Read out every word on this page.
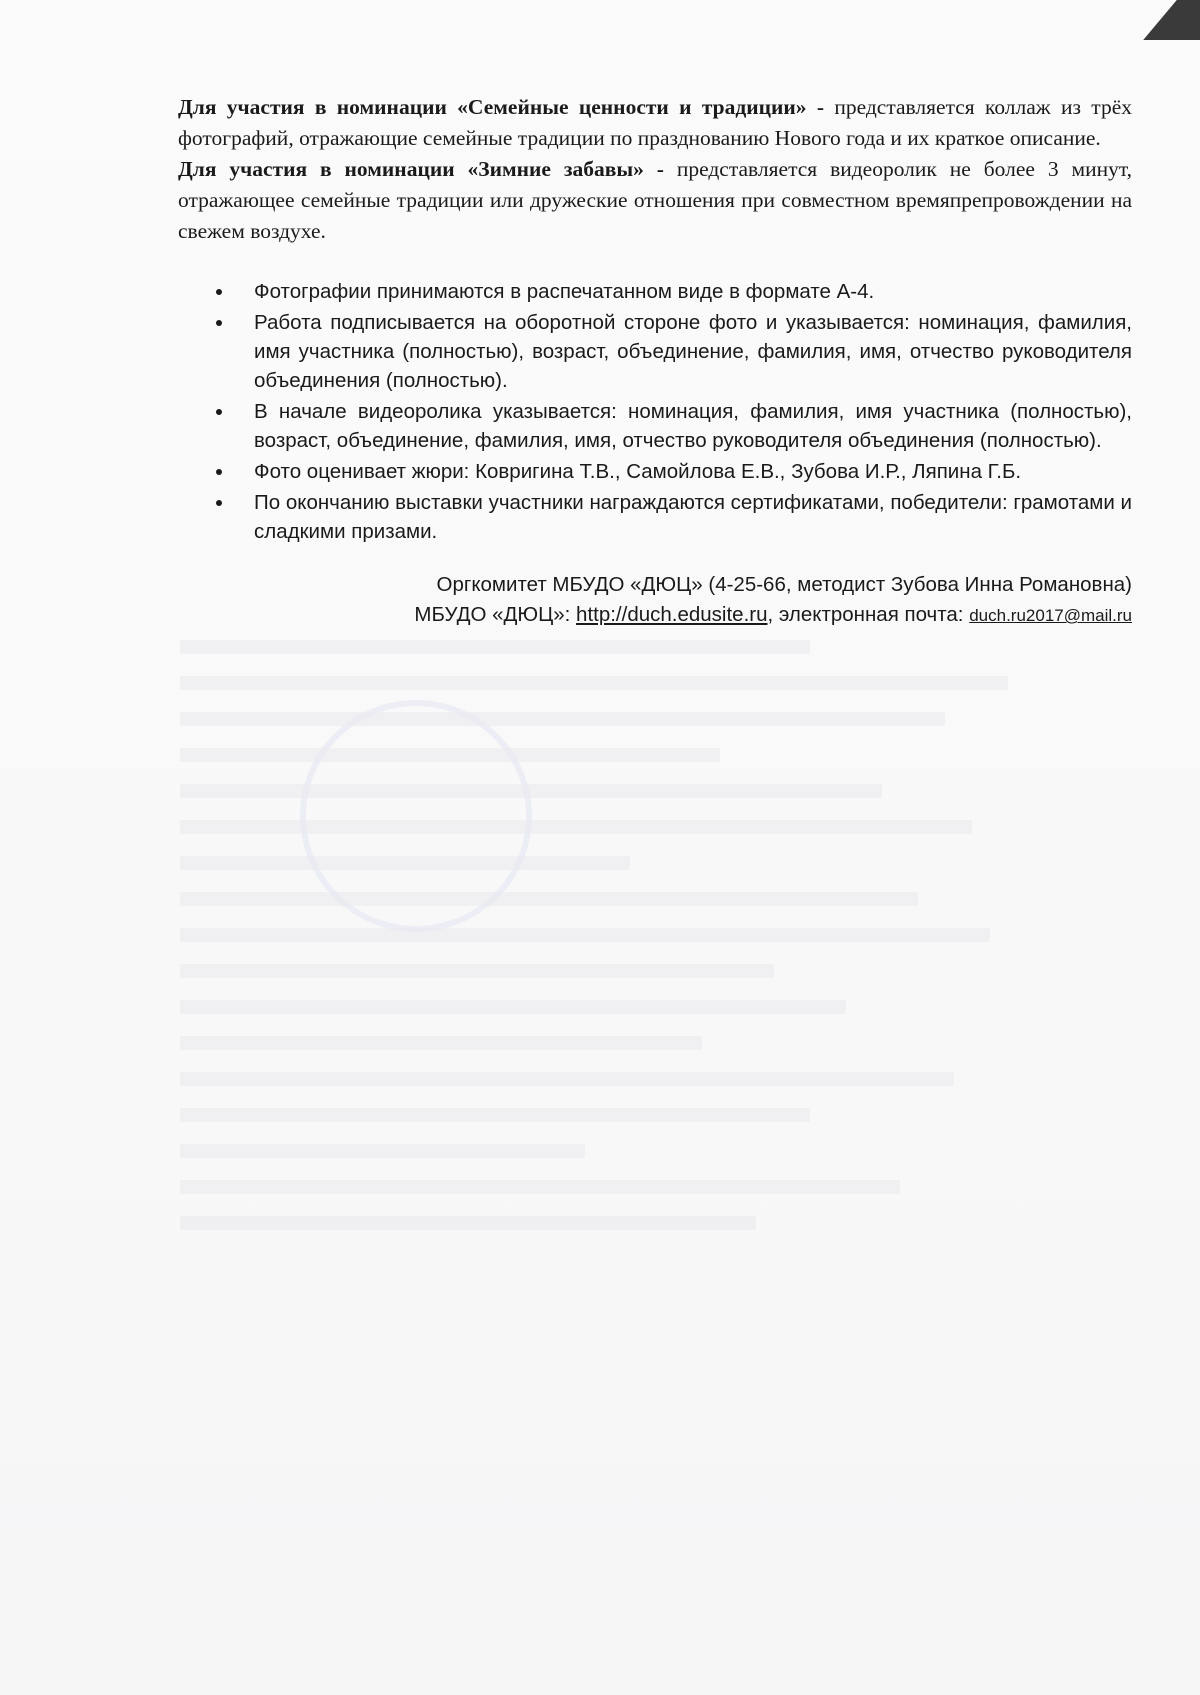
Для участия в номинации «Семейные ценности и традиции» - представляется коллаж из трёх фотографий, отражающие семейные традиции по празднованию Нового года и их краткое описание.

Для участия в номинации «Зимние забавы» - представляется видеоролик не более 3 минут, отражающее семейные традиции или дружеские отношения при совместном времяпрепровождении на свежем воздухе.

Фотографии принимаются в распечатанном виде в формате А-4.
Работа подписывается на оборотной стороне фото и указывается: номинация, фамилия, имя участника (полностью), возраст, объединение, фамилия, имя, отчество руководителя объединения (полностью).
В начале видеоролика указывается: номинация, фамилия, имя участника (полностью), возраст, объединение, фамилия, имя, отчество руководителя объединения (полностью).
Фото оценивает жюри: Ковригина Т.В., Самойлова Е.В., Зубова И.Р., Ляпина Г.Б.
По окончанию выставки участники награждаются сертификатами, победители: грамотами и сладкими призами.
Оргкомитет МБУДО «ДЮЦ» (4-25-66, методист Зубова Инна Романовна)
МБУДО «ДЮЦ»: http://duch.edusite.ru, электронная почта: duch.ru2017@mail.ru
